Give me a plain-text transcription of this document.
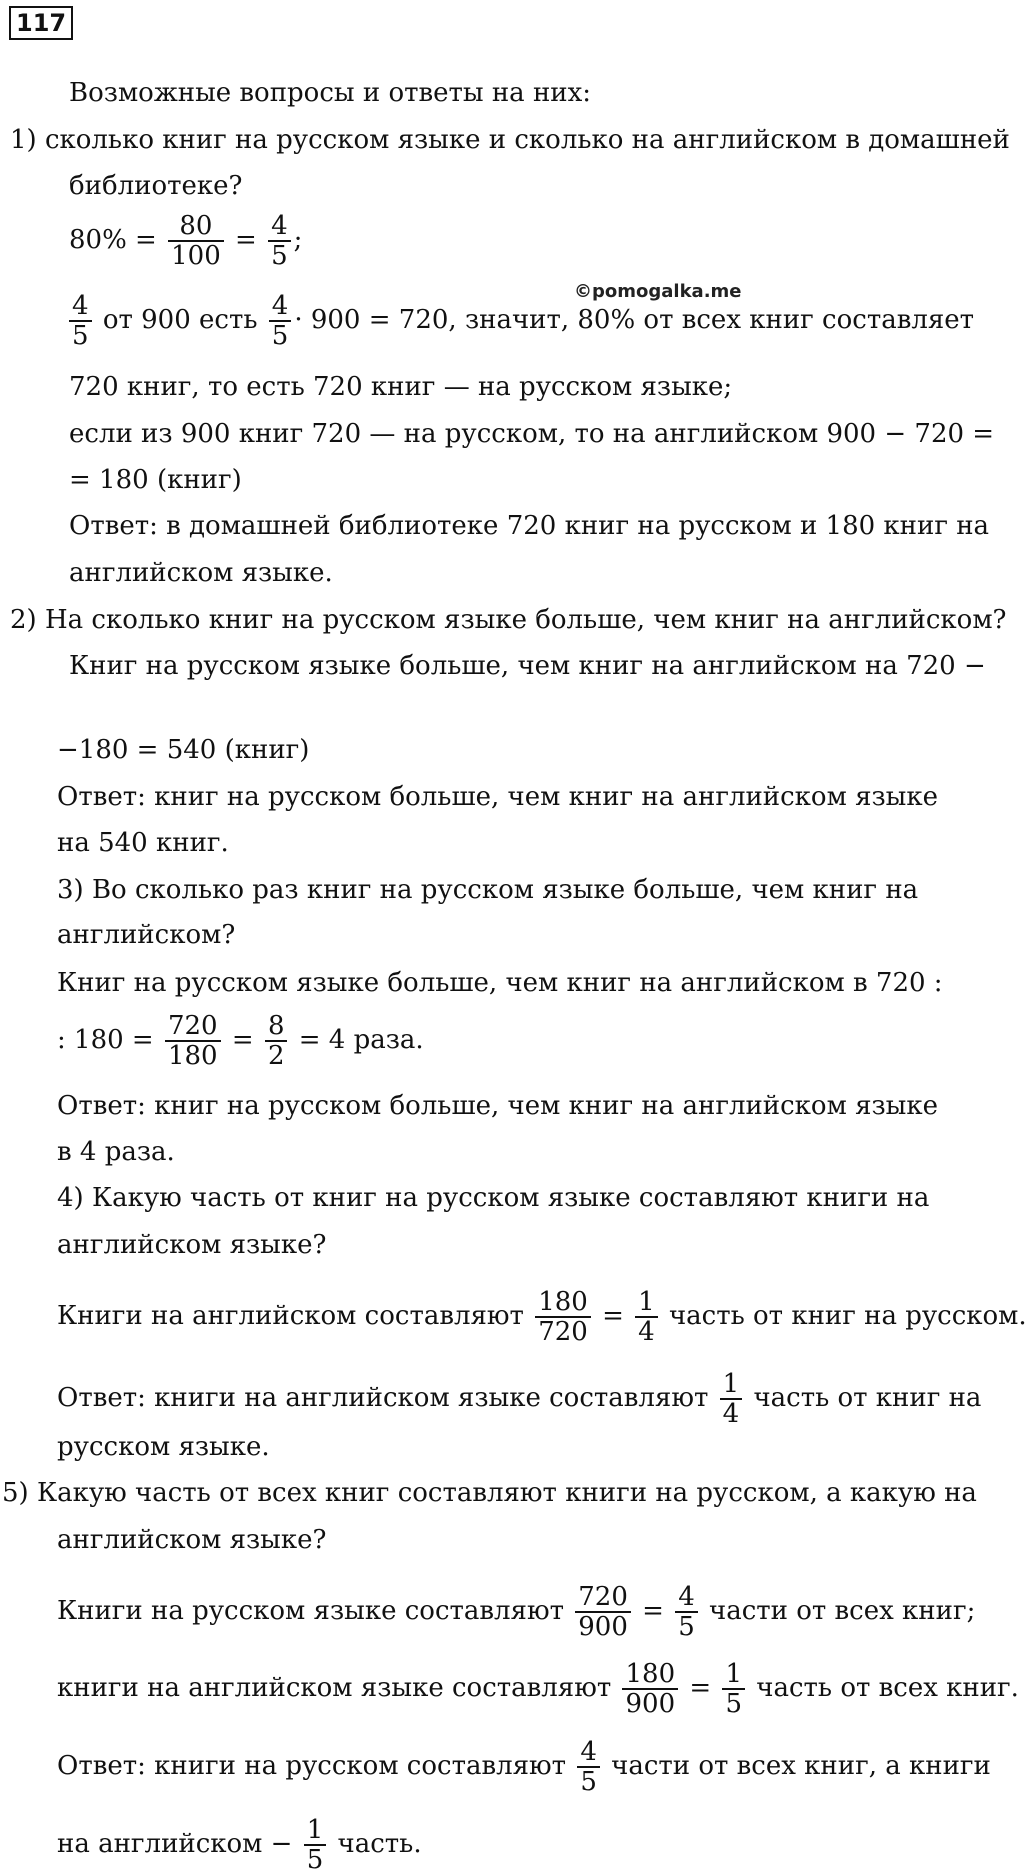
117
©pomogalka.me
Возможные вопросы и ответы на них:
1) сколько книг на русском языке и сколько на английском в домашней
библиотеке?
$80\% = \frac{80}{100} = \frac{4}{5}$ ;
$\frac{4}{5}$ от 900 есть $\frac{4}{5} \cdot 900 = 720$, значит, 80% от всех книг составляет
720 книг, то есть 720 книг — на русском языке;
если из 900 книг 720 — на русском, то на английском 900 − 720 =
= 180 (книг)
Ответ: в домашней библиотеке 720 книг на русском и 180 книг на
английском языке.
2) На сколько книг на русском языке больше, чем книг на английском?
Книг на русском языке больше, чем книг на английском на 720 −
−180 = 540 (книг)
Ответ: книг на русском больше, чем книг на английском языке
на 540 книг.
3) Во сколько раз книг на русском языке больше, чем книг на
английском?
Книг на русском языке больше, чем книг на английском в 720 :
: $180 = \frac{720}{180} = \frac{8}{2} = 4$ раза.
Ответ: книг на русском больше, чем книг на английском языке
в 4 раза.
4) Какую часть от книг на русском языке составляют книги на
английском языке?
Книги на английском составляют $\frac{180}{720} = \frac{1}{4}$ часть от книг на русском.
Ответ: книги на английском языке составляют $\frac{1}{4}$ часть от книг на
русском языке.
5) Какую часть от всех книг составляют книги на русском, а какую на
английском языке?
Книги на русском языке составляют $\frac{720}{900} = \frac{4}{5}$ части от всех книг;
книги на английском языке составляют $\frac{180}{900} = \frac{1}{5}$ часть от всех книг.
Ответ: книги на русском составляют $\frac{4}{5}$ части от всех книг, а книги
на английском − $\frac{1}{5}$ часть.
